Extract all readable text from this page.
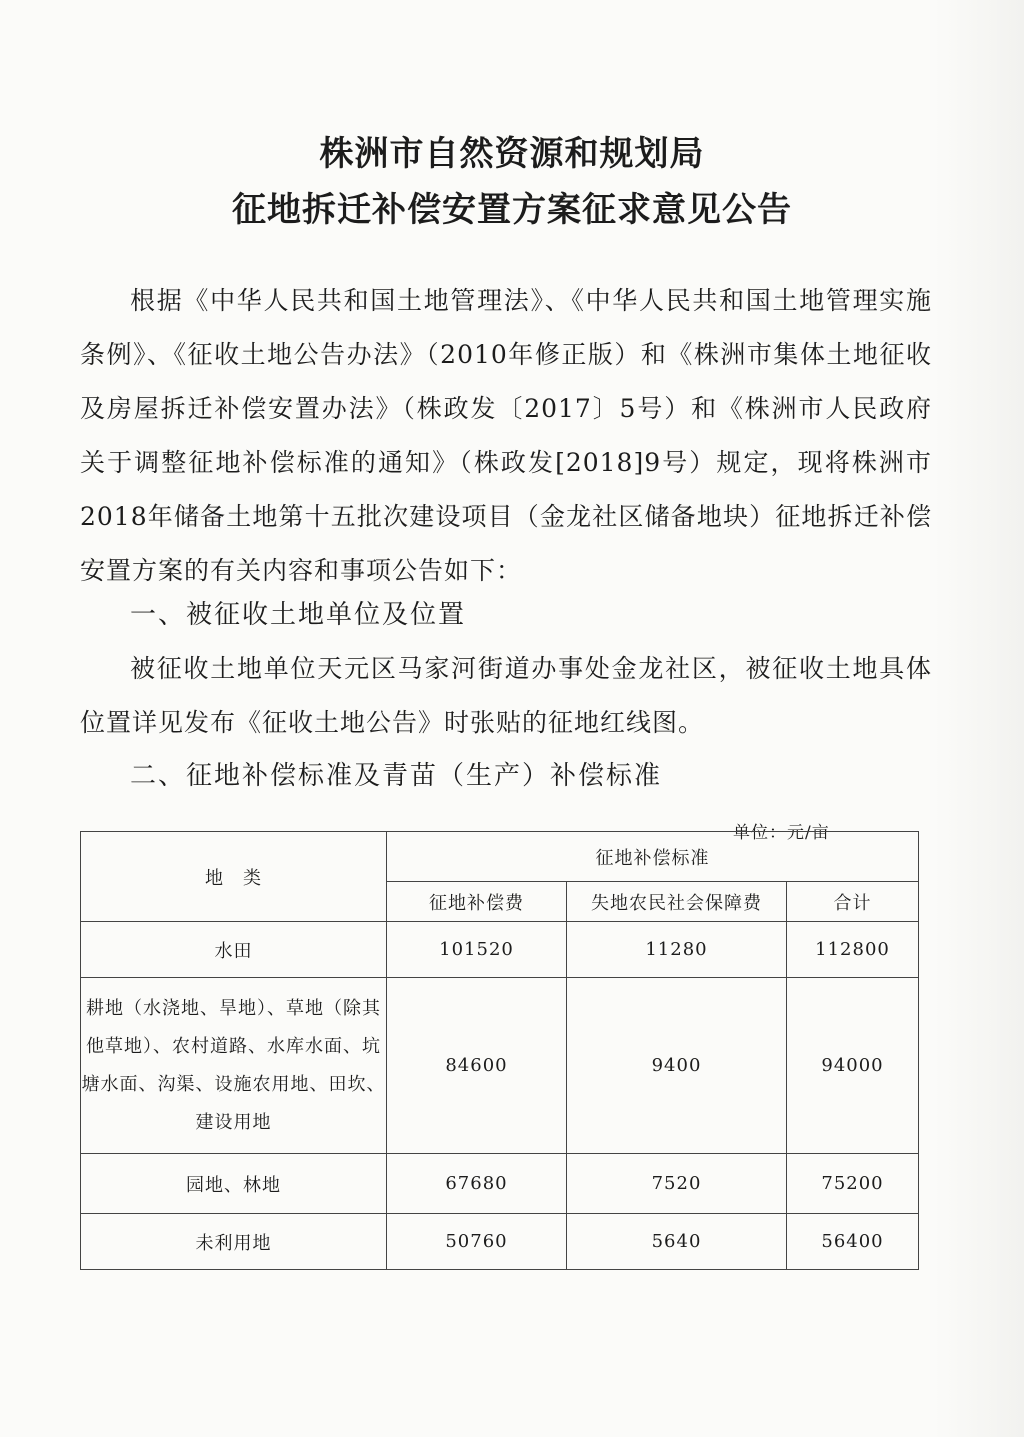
株洲市自然资源和规划局
征地拆迁补偿安置方案征求意见公告

根据《中华人民共和国土地管理法》、《中华人民共和国土地管理实施条例》、《征收土地公告办法》（2010年修正版）和《株洲市集体土地征收及房屋拆迁补偿安置办法》（株政发〔2017〕5号）和《株洲市人民政府关于调整征地补偿标准的通知》（株政发[2018]9号）规定，现将株洲市2018年储备土地第十五批次建设项目（金龙社区储备地块）征地拆迁补偿安置方案的有关内容和事项公告如下：

一、被征收土地单位及位置

被征收土地单位天元区马家河街道办事处金龙社区，被征收土地具体位置详见发布《征收土地公告》时张贴的征地红线图。

二、征地补偿标准及青苗（生产）补偿标准
单位：元/亩
地　类	征地补偿标准		
	征地补偿费	失地农民社会保障费	合计
水田	101520	11280	112800
耕地（水浇地、旱地）、草地（除其他草地）、农村道路、水库水面、坑塘水面、沟渠、设施农用地、田坎、建设用地	84600	9400	94000
园地、林地	67680	7520	75200
未利用地	50760	5640	56400
